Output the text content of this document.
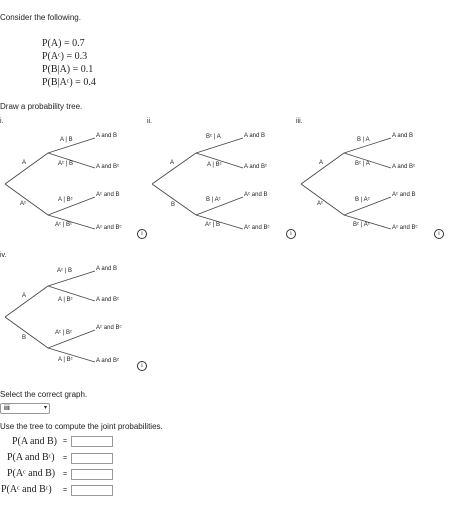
Consider the following.
P(A) = 0.7
P(Aᶜ) = 0.3
P(B|A) = 0.1
P(B|Aᶜ) = 0.4
Draw a probability tree.
i.	ii.	iii.
iv.
A
Aᶜ
A | B
Aᶜ | B
A | Bᶜ
Aᶜ | Bᶜ
A and B
A and Bᶜ
Aᶜ and B
Aᶜ and Bᶜ
i
A
B
Bᶜ | A
A | Bᶜ
B | Aᶜ
Aᶜ | B
A and B
A and Bᶜ
Aᶜ and B
Aᶜ and Bᶜ
i
A
Aᶜ
B | A
Bᶜ | A
B | Aᶜ
Bᶜ | Aᶜ
A and B
A and Bᶜ
Aᶜ and B
Aᶜ and Bᶜ
i
A
B
Aᶜ | B
A | Bᶜ
Aᶜ | Bᶜ
A | Bᶜ
A and B
A and Bᶜ
Aᶜ and Bᶜ
A and Bᶜ
i
Select the correct graph.
iii	▾
Use the tree to compute the joint probabilities.
P(A and B) =
P(A and Bᶜ) =
P(Aᶜ and B) =
P(Aᶜ and Bᶜ) =
